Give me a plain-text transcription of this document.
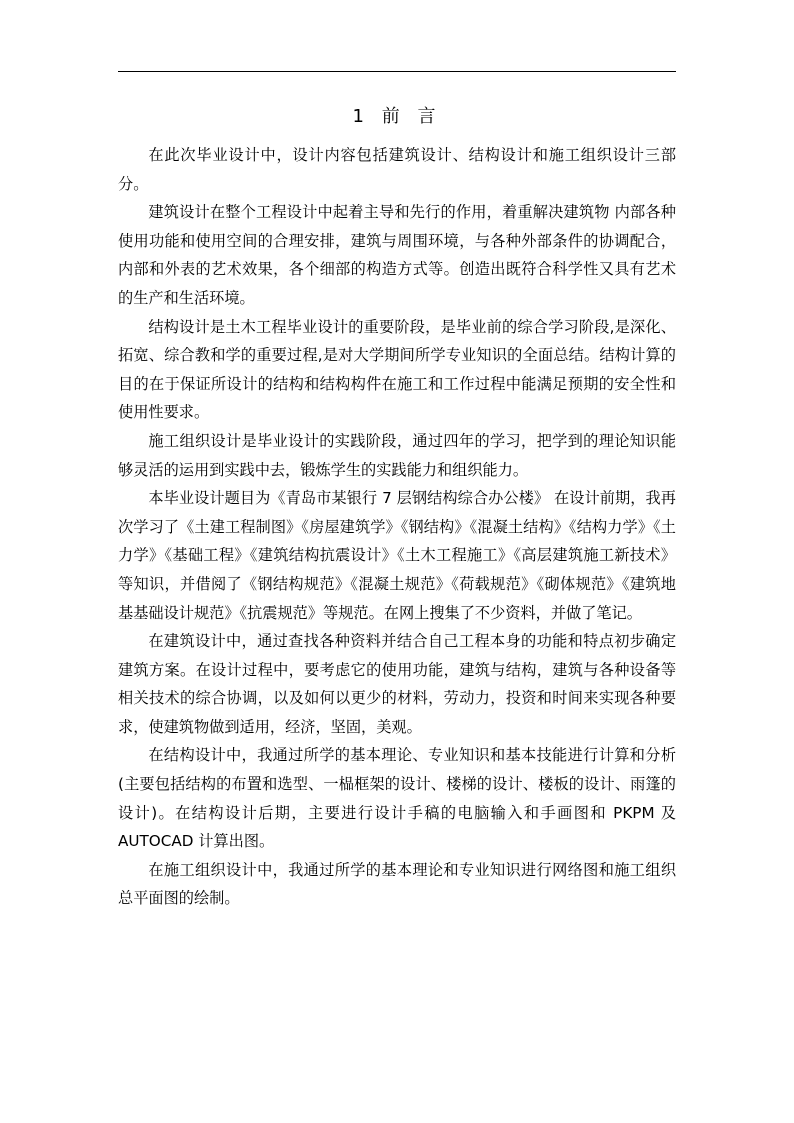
1 前 言

在此次毕业设计中，设计内容包括建筑设计、结构设计和施工组织设计三部分。

建筑设计在整个工程设计中起着主导和先行的作用，着重解决建筑物 内部各种使用功能和使用空间的合理安排，建筑与周围环境，与各种外部条件的协调配合，内部和外表的艺术效果，各个细部的构造方式等。创造出既符合科学性又具有艺术的生产和生活环境。

结构设计是土木工程毕业设计的重要阶段，是毕业前的综合学习阶段,是深化、拓宽、综合教和学的重要过程,是对大学期间所学专业知识的全面总结。结构计算的目的在于保证所设计的结构和结构构件在施工和工作过程中能满足预期的安全性和使用性要求。

施工组织设计是毕业设计的实践阶段，通过四年的学习，把学到的理论知识能够灵活的运用到实践中去，锻炼学生的实践能力和组织能力。

本毕业设计题目为《青岛市某银行 7 层钢结构综合办公楼》 在设计前期，我再次学习了《土建工程制图》《房屋建筑学》《钢结构》《混凝土结构》《结构力学》《土力学》《基础工程》《建筑结构抗震设计》《土木工程施工》《高层建筑施工新技术》等知识，并借阅了《钢结构规范》《混凝土规范》《荷载规范》《砌体规范》《建筑地基基础设计规范》《抗震规范》等规范。在网上搜集了不少资料，并做了笔记。

在建筑设计中，通过查找各种资料并结合自己工程本身的功能和特点初步确定建筑方案。在设计过程中，要考虑它的使用功能，建筑与结构，建筑与各种设备等相关技术的综合协调，以及如何以更少的材料，劳动力，投资和时间来实现各种要求，使建筑物做到适用，经济，坚固，美观。

在结构设计中，我通过所学的基本理论、专业知识和基本技能进行计算和分析(主要包括结构的布置和选型、一榀框架的设计、楼梯的设计、楼板的设计、雨篷的设计)。在结构设计后期，主要进行设计手稿的电脑输入和手画图和 PKPM 及 AUTOCAD 计算出图。

在施工组织设计中，我通过所学的基本理论和专业知识进行网络图和施工组织总平面图的绘制。
